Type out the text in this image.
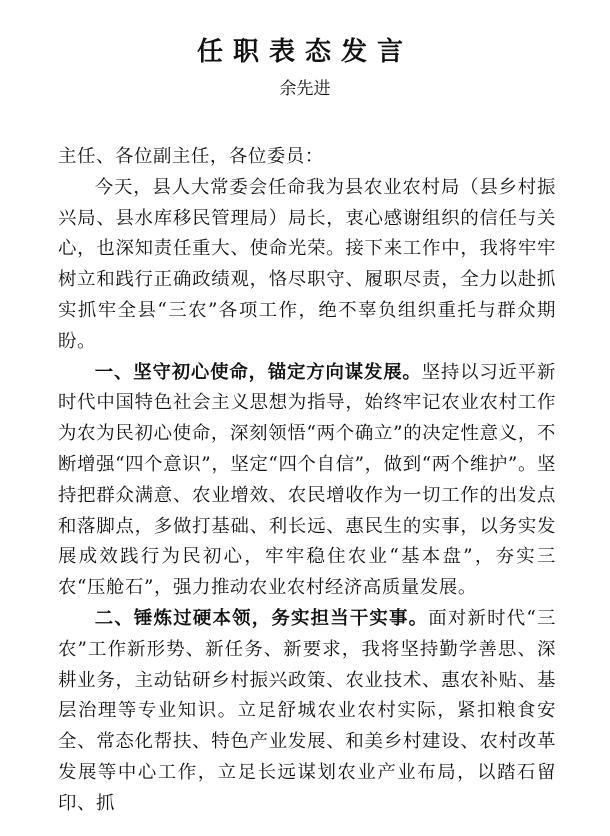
任职表态发言
余先进

主任、各位副主任，各位委员：

今天，县人大常委会任命我为县农业农村局（县乡村振兴局、县水库移民管理局）局长，衷心感谢组织的信任与关心，也深知责任重大、使命光荣。接下来工作中，我将牢牢树立和践行正确政绩观，恪尽职守、履职尽责，全力以赴抓实抓牢全县“三农”各项工作，绝不辜负组织重托与群众期盼。

一、坚守初心使命，锚定方向谋发展。坚持以习近平新时代中国特色社会主义思想为指导，始终牢记农业农村工作为农为民初心使命，深刻领悟“两个确立”的决定性意义，不断增强“四个意识”，坚定“四个自信”，做到“两个维护”。坚持把群众满意、农业增效、农民增收作为一切工作的出发点和落脚点，多做打基础、利长远、惠民生的实事，以务实发展成效践行为民初心，牢牢稳住农业“基本盘”，夯实三农“压舱石”，强力推动农业农村经济高质量发展。

二、锤炼过硬本领，务实担当干实事。面对新时代“三农”工作新形势、新任务、新要求，我将坚持勤学善思、深耕业务，主动钻研乡村振兴政策、农业技术、惠农补贴、基层治理等专业知识。立足舒城农业农村实际，紧扣粮食安全、常态化帮扶、特色产业发展、和美乡村建设、农村改革发展等中心工作，立足长远谋划农业产业布局，以踏石留印、抓
